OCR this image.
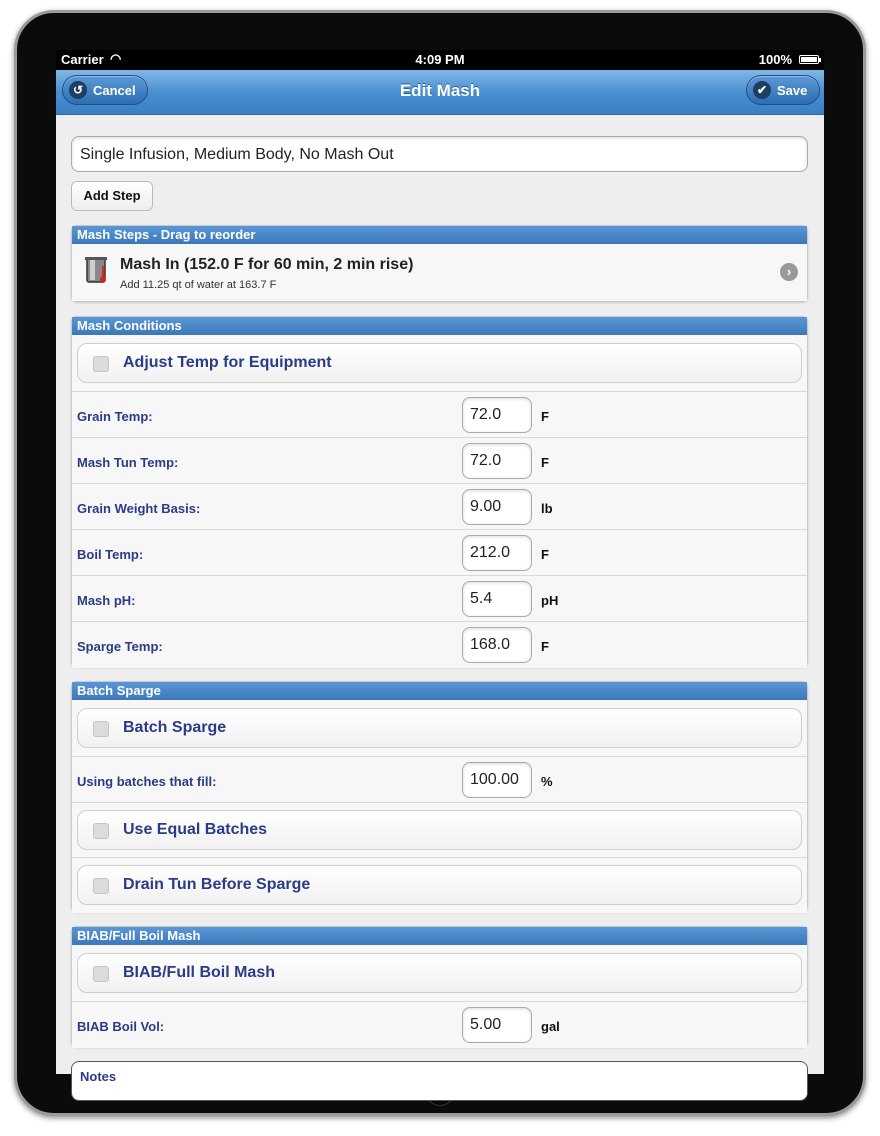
Carrier ◠	4:09 PM	100%
↺ Cancel	Edit Mash	✔ Save
Single Infusion, Medium Body, No Mash Out
Add Step
Mash Steps - Drag to reorder
Mash In (152.0 F for 60 min, 2 min rise)
Add 11.25 qt of water at 163.7 F
›
Mash Conditions
Adjust Temp for Equipment
Grain Temp:	72.0	F
Mash Tun Temp:	72.0	F
Grain Weight Basis:	9.00	lb
Boil Temp:	212.0	F
Mash pH:	5.4	pH
Sparge Temp:	168.0	F
Batch Sparge
Batch Sparge
Using batches that fill:	100.00	%
Use Equal Batches
Drain Tun Before Sparge
BIAB/Full Boil Mash
BIAB/Full Boil Mash
BIAB Boil Vol:	5.00	gal
Notes
